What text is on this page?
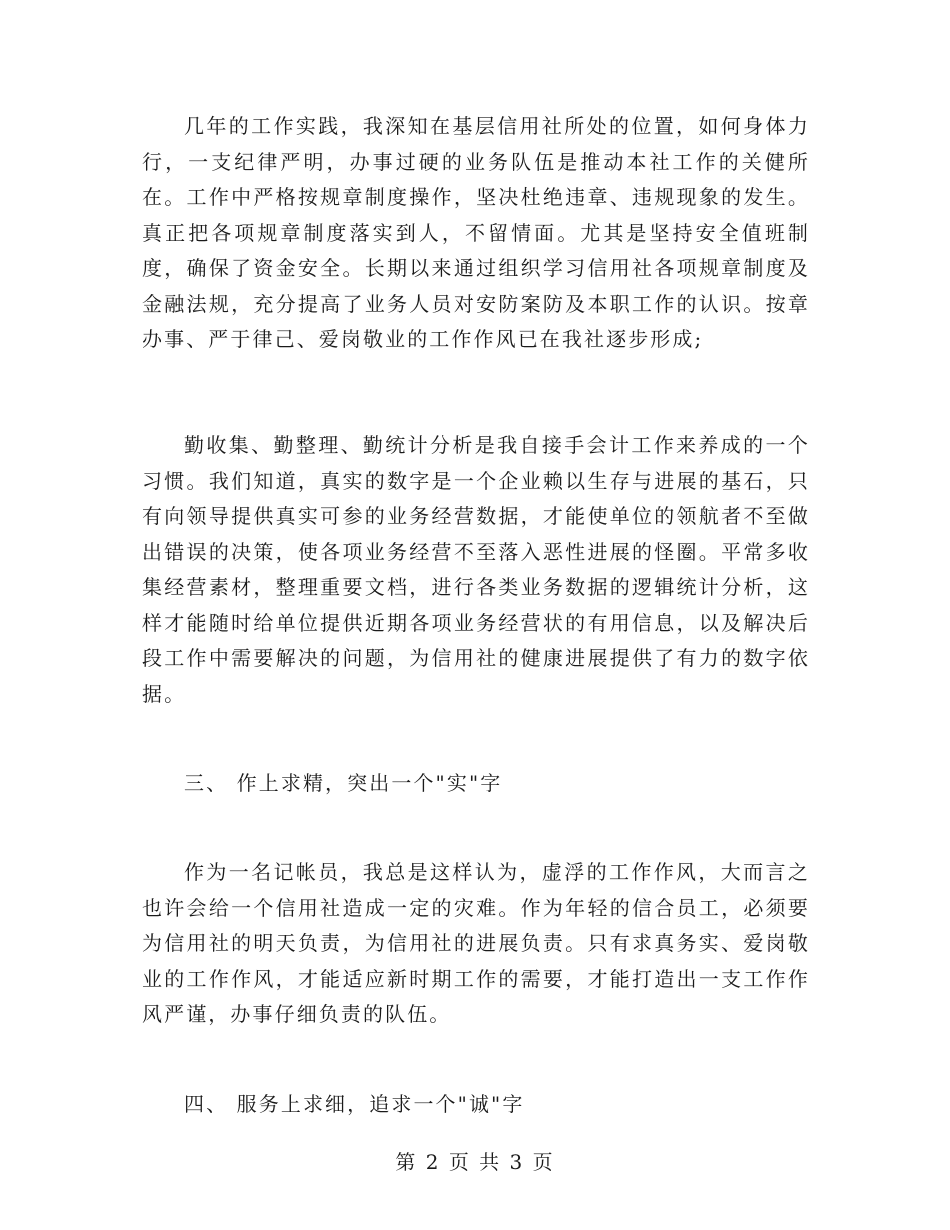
几年的工作实践，我深知在基层信用社所处的位置，如何身体力行，一支纪律严明，办事过硬的业务队伍是推动本社工作的关健所在。工作中严格按规章制度操作，坚决杜绝违章、违规现象的发生。真正把各项规章制度落实到人，不留情面。尤其是坚持安全值班制度，确保了资金安全。长期以来通过组织学习信用社各项规章制度及金融法规，充分提高了业务人员对安防案防及本职工作的认识。按章办事、严于律己、爱岗敬业的工作作风已在我社逐步形成;
勤收集、勤整理、勤统计分析是我自接手会计工作来养成的一个习惯。我们知道，真实的数字是一个企业赖以生存与进展的基石，只有向领导提供真实可参的业务经营数据，才能使单位的领航者不至做出错误的决策，使各项业务经营不至落入恶性进展的怪圈。平常多收集经营素材，整理重要文档，进行各类业务数据的逻辑统计分析，这样才能随时给单位提供近期各项业务经营状的有用信息，以及解决后段工作中需要解决的问题，为信用社的健康进展提供了有力的数字依据。
三、 作上求精，突出一个"实"字
作为一名记帐员，我总是这样认为，虚浮的工作作风，大而言之也许会给一个信用社造成一定的灾难。作为年轻的信合员工，必须要为信用社的明天负责，为信用社的进展负责。只有求真务实、爱岗敬业的工作作风，才能适应新时期工作的需要，才能打造出一支工作作风严谨，办事仔细负责的队伍。
四、 服务上求细，追求一个"诚"字
第 2 页 共 3 页
